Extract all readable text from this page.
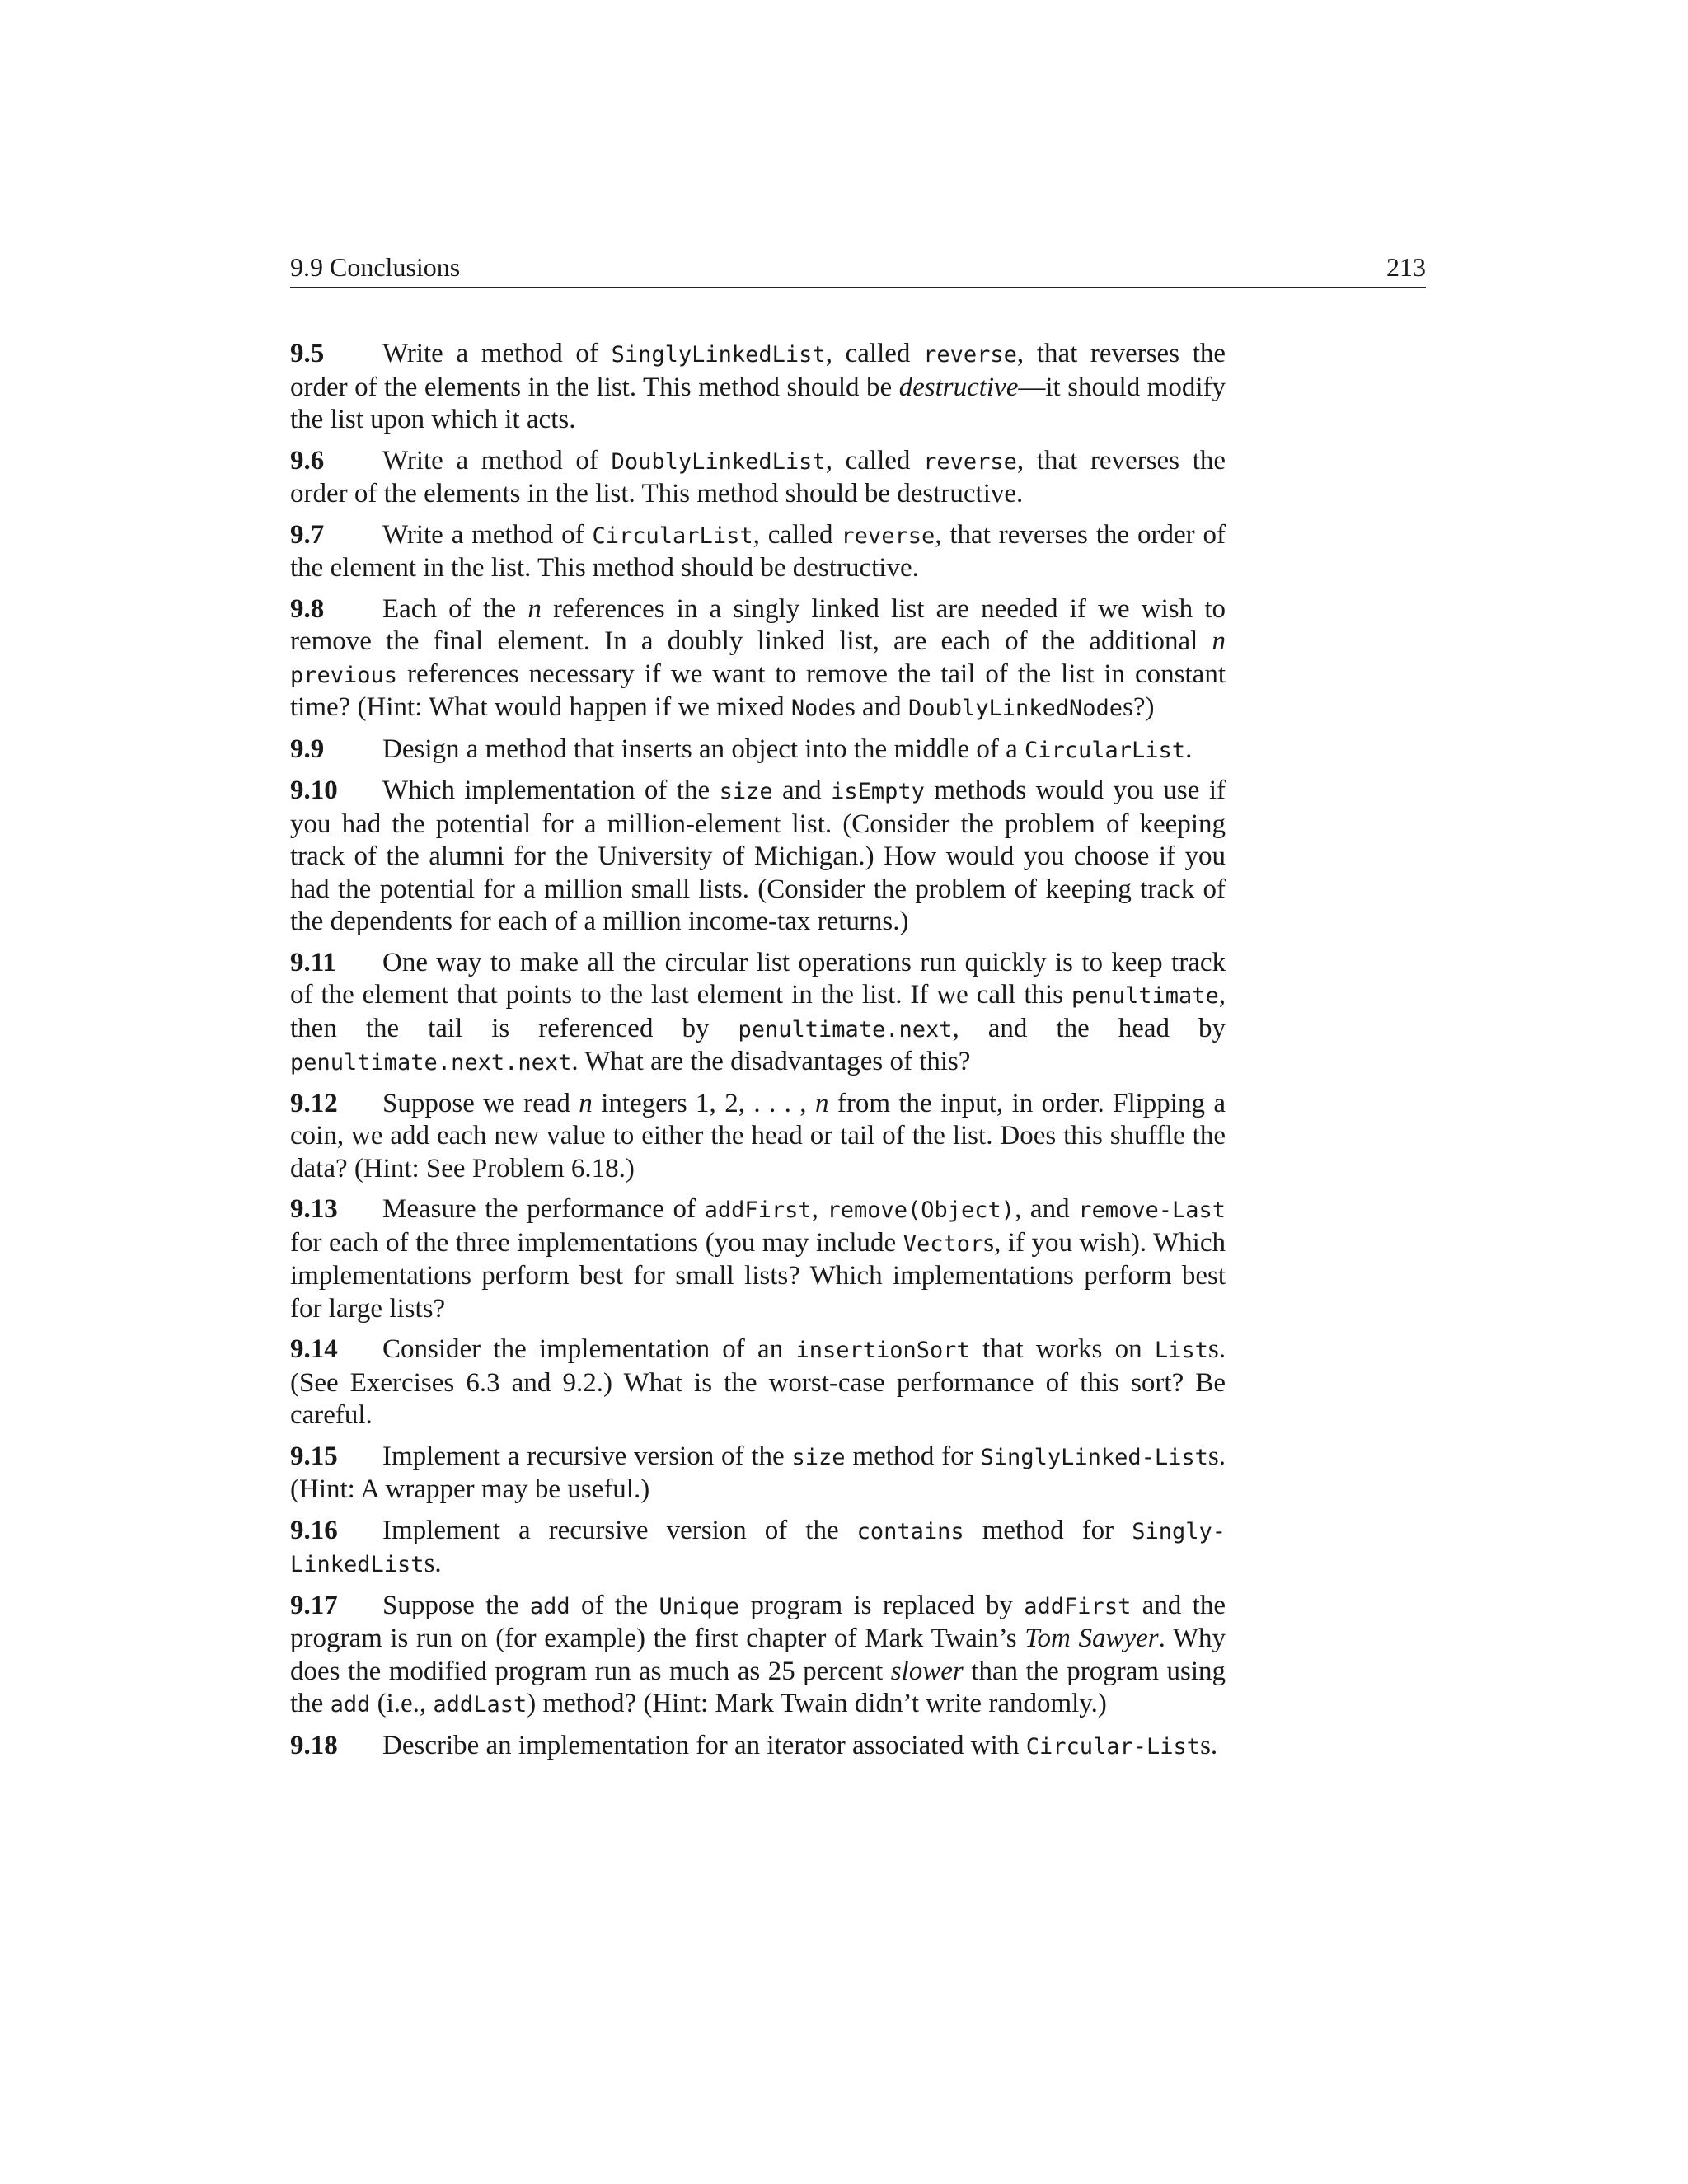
9.9 Conclusions	213

9.5 Write a method of SinglyLinkedList, called reverse, that reverses the order of the elements in the list. This method should be destructive—it should modify the list upon which it acts.

9.6 Write a method of DoublyLinkedList, called reverse, that reverses the order of the elements in the list. This method should be destructive.

9.7 Write a method of CircularList, called reverse, that reverses the order of the element in the list. This method should be destructive.

9.8 Each of the n references in a singly linked list are needed if we wish to remove the final element. In a doubly linked list, are each of the additional n previous references necessary if we want to remove the tail of the list in constant time? (Hint: What would happen if we mixed Nodes and DoublyLinkedNodes?)

9.9 Design a method that inserts an object into the middle of a CircularList.

9.10 Which implementation of the size and isEmpty methods would you use if you had the potential for a million-element list. (Consider the problem of keeping track of the alumni for the University of Michigan.) How would you choose if you had the potential for a million small lists. (Consider the problem of keeping track of the dependents for each of a million income-tax returns.)

9.11 One way to make all the circular list operations run quickly is to keep track of the element that points to the last element in the list. If we call this penultimate, then the tail is referenced by penultimate.next, and the head by penultimate.next.next. What are the disadvantages of this?

9.12 Suppose we read n integers 1, 2, . . . , n from the input, in order. Flipping a coin, we add each new value to either the head or tail of the list. Does this shuffle the data? (Hint: See Problem 6.18.)

9.13 Measure the performance of addFirst, remove(Object), and remove-Last for each of the three implementations (you may include Vectors, if you wish). Which implementations perform best for small lists? Which implementations perform best for large lists?

9.14 Consider the implementation of an insertionSort that works on Lists. (See Exercises 6.3 and 9.2.) What is the worst-case performance of this sort? Be careful.

9.15 Implement a recursive version of the size method for SinglyLinked-Lists. (Hint: A wrapper may be useful.)

9.16 Implement a recursive version of the contains method for Singly-LinkedLists.

9.17 Suppose the add of the Unique program is replaced by addFirst and the program is run on (for example) the first chapter of Mark Twain’s Tom Sawyer. Why does the modified program run as much as 25 percent slower than the program using the add (i.e., addLast) method? (Hint: Mark Twain didn’t write randomly.)

9.18 Describe an implementation for an iterator associated with Circular-Lists.
